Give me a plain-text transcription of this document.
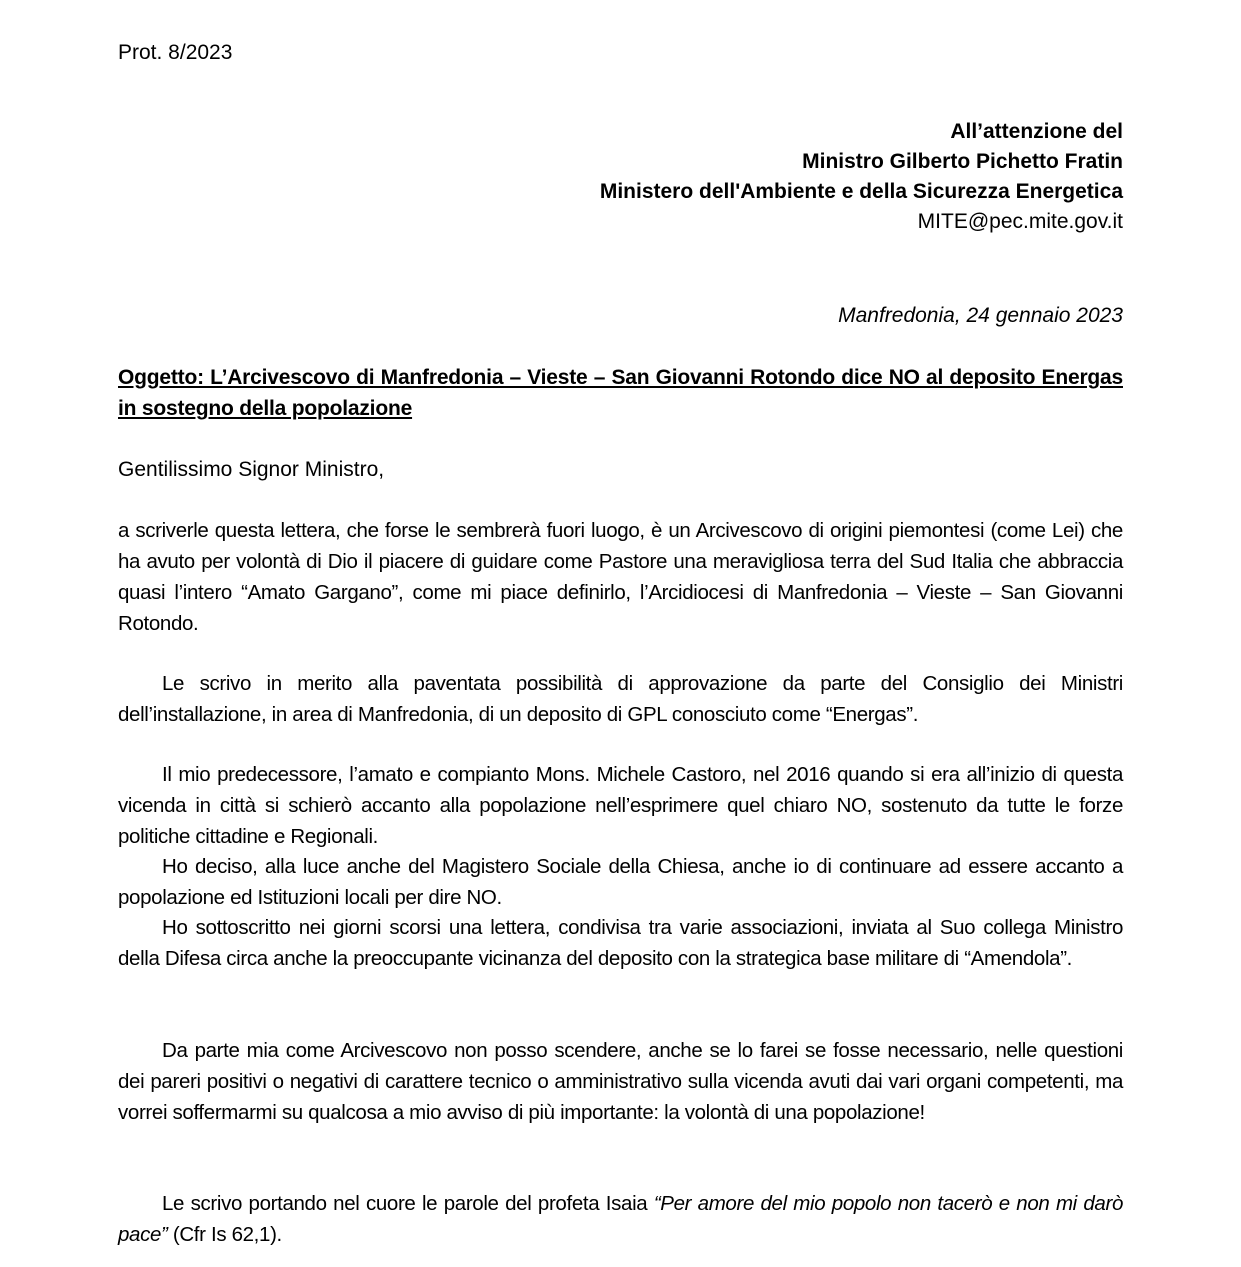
Prot. 8/2023
All’attenzione del
Ministro Gilberto Pichetto Fratin
Ministero dell'Ambiente e della Sicurezza Energetica
MITE@pec.mite.gov.it
Manfredonia, 24 gennaio 2023
Oggetto: L’Arcivescovo di Manfredonia – Vieste – San Giovanni Rotondo dice NO al deposito Energas in sostegno della popolazione
Gentilissimo Signor Ministro,
a scriverle questa lettera, che forse le sembrerà fuori luogo, è un Arcivescovo di origini piemontesi (come Lei) che ha avuto per volontà di Dio il piacere di guidare come Pastore una meravigliosa terra del Sud Italia che abbraccia quasi l’intero “Amato Gargano”, come mi piace definirlo, l’Arcidiocesi di Manfredonia – Vieste – San Giovanni Rotondo.
Le scrivo in merito alla paventata possibilità di approvazione da parte del Consiglio dei Ministri dell’installazione, in area di Manfredonia, di un deposito di GPL conosciuto come “Energas”.
Il mio predecessore, l’amato e compianto Mons. Michele Castoro, nel 2016 quando si era all’inizio di questa vicenda in città si schierò accanto alla popolazione nell’esprimere quel chiaro NO, sostenuto da tutte le forze politiche cittadine e Regionali.
Ho deciso, alla luce anche del Magistero Sociale della Chiesa, anche io di continuare ad essere accanto a popolazione ed Istituzioni locali per dire NO.
Ho sottoscritto nei giorni scorsi una lettera, condivisa tra varie associazioni, inviata al Suo collega Ministro della Difesa circa anche la preoccupante vicinanza del deposito con la strategica base militare di “Amendola”.
Da parte mia come Arcivescovo non posso scendere, anche se lo farei se fosse necessario, nelle questioni dei pareri positivi o negativi di carattere tecnico o amministrativo sulla vicenda avuti dai vari organi competenti, ma vorrei soffermarmi su qualcosa a mio avviso di più importante: la volontà di una popolazione!
Le scrivo portando nel cuore le parole del profeta Isaia “Per amore del mio popolo non tacerò e non mi darò pace” (Cfr Is 62,1).
